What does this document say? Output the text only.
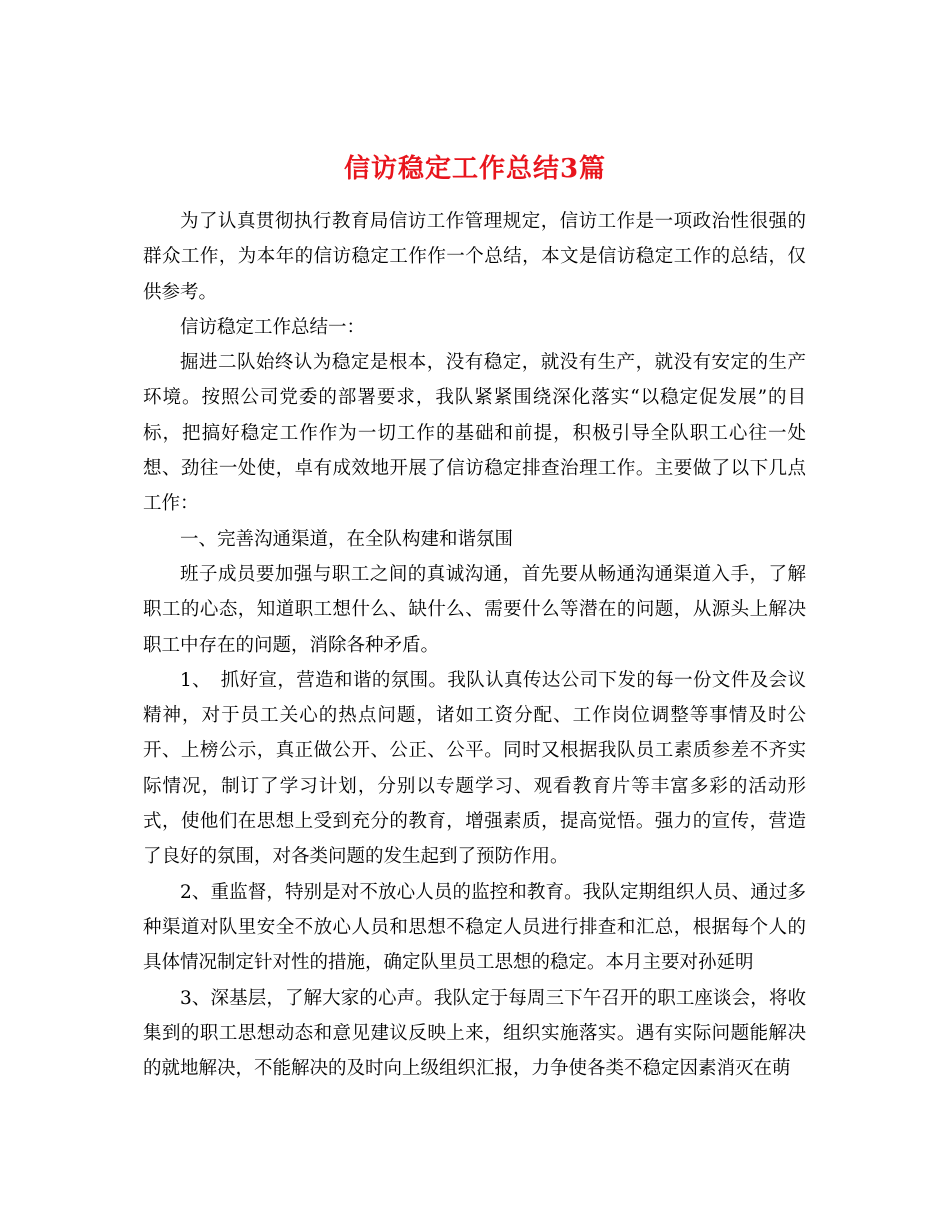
信访稳定工作总结3篇

为了认真贯彻执行教育局信访工作管理规定，信访工作是一项政治性很强的群众工作，为本年的信访稳定工作作一个总结，本文是信访稳定工作的总结，仅供参考。

信访稳定工作总结一：

掘进二队始终认为稳定是根本，没有稳定，就没有生产，就没有安定的生产环境。按照公司党委的部署要求，我队紧紧围绕深化落实“以稳定促发展”的目标，把搞好稳定工作作为一切工作的基础和前提，积极引导全队职工心往一处想、劲往一处使，卓有成效地开展了信访稳定排查治理工作。主要做了以下几点工作：

一、完善沟通渠道，在全队构建和谐氛围

班子成员要加强与职工之间的真诚沟通，首先要从畅通沟通渠道入手，了解职工的心态，知道职工想什么、缺什么、需要什么等潜在的问题，从源头上解决职工中存在的问题，消除各种矛盾。

1、　抓好宣，营造和谐的氛围。我队认真传达公司下发的每一份文件及会议精神，对于员工关心的热点问题，诸如工资分配、工作岗位调整等事情及时公开、上榜公示，真正做公开、公正、公平。同时又根据我队员工素质参差不齐实际情况，制订了学习计划，分别以专题学习、观看教育片等丰富多彩的活动形式，使他们在思想上受到充分的教育，增强素质，提高觉悟。强力的宣传，营造了良好的氛围，对各类问题的发生起到了预防作用。

2、重监督，特别是对不放心人员的监控和教育。我队定期组织人员、通过多种渠道对队里安全不放心人员和思想不稳定人员进行排查和汇总，根据每个人的具体情况制定针对性的措施，确定队里员工思想的稳定。本月主要对孙延明

3、深基层，了解大家的心声。我队定于每周三下午召开的职工座谈会，将收集到的职工思想动态和意见建议反映上来，组织实施落实。遇有实际问题能解决的就地解决，不能解决的及时向上级组织汇报，力争使各类不稳定因素消灭在萌
